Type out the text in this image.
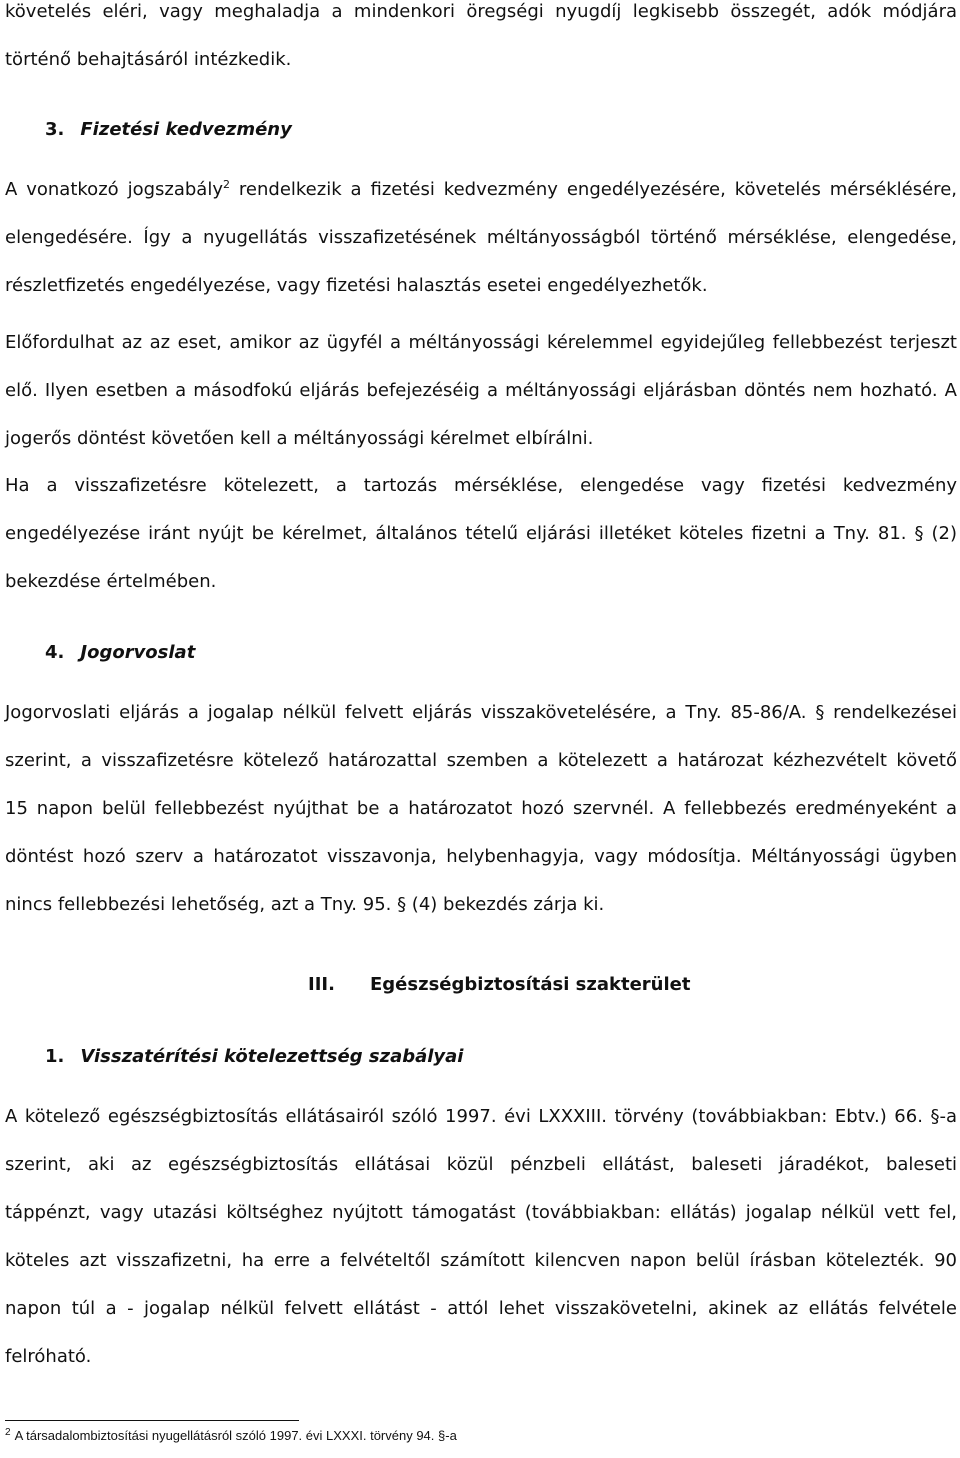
követelés eléri, vagy meghaladja a mindenkori öregségi nyugdíj legkisebb összegét, adók módjára
történő behajtásáról intézkedik.
3. Fizetési kedvezmény
A vonatkozó jogszabály$^2$ rendelkezik a fizetési kedvezmény engedélyezésére, követelés mérséklésére,
elengedésére. Így a nyugellátás visszafizetésének méltányosságból történő mérséklése, elengedése,
részletfizetés engedélyezése, vagy fizetési halasztás esetei engedélyezhetők.
Előfordulhat az az eset, amikor az ügyfél a méltányossági kérelemmel egyidejűleg fellebbezést terjeszt
elő. Ilyen esetben a másodfokú eljárás befejezéséig a méltányossági eljárásban döntés nem hozható. A
jogerős döntést követően kell a méltányossági kérelmet elbírálni.
Ha a visszafizetésre kötelezett, a tartozás mérséklése, elengedése vagy fizetési kedvezmény
engedélyezése iránt nyújt be kérelmet, általános tételű eljárási illetéket köteles fizetni a Tny. 81. § (2)
bekezdése értelmében.
4. Jogorvoslat
Jogorvoslati eljárás a jogalap nélkül felvett eljárás visszakövetelésére, a Tny. 85-86/A. § rendelkezései
szerint, a visszafizetésre kötelező határozattal szemben a kötelezett a határozat kézhezvételt követő
15 napon belül fellebbezést nyújthat be a határozatot hozó szervnél. A fellebbezés eredményeként a
döntést hozó szerv a határozatot visszavonja, helybenhagyja, vagy módosítja. Méltányossági ügyben
nincs fellebbezési lehetőség, azt a Tny. 95. § (4) bekezdés zárja ki.
III. Egészségbiztosítási szakterület
1. Visszatérítési kötelezettség szabályai
A kötelező egészségbiztosítás ellátásairól szóló 1997. évi LXXXIII. törvény (továbbiakban: Ebtv.) 66. §-a
szerint, aki az egészségbiztosítás ellátásai közül pénzbeli ellátást, baleseti járadékot, baleseti
táppénzt, vagy utazási költséghez nyújtott támogatást (továbbiakban: ellátás) jogalap nélkül vett fel,
köteles azt visszafizetni, ha erre a felvételtől számított kilencven napon belül írásban kötelezték. 90
napon túl a - jogalap nélkül felvett ellátást - attól lehet visszakövetelni, akinek az ellátás felvétele
felróható.
$^2$ A társadalombiztosítási nyugellátásról szóló 1997. évi LXXXI. törvény 94. §-a
